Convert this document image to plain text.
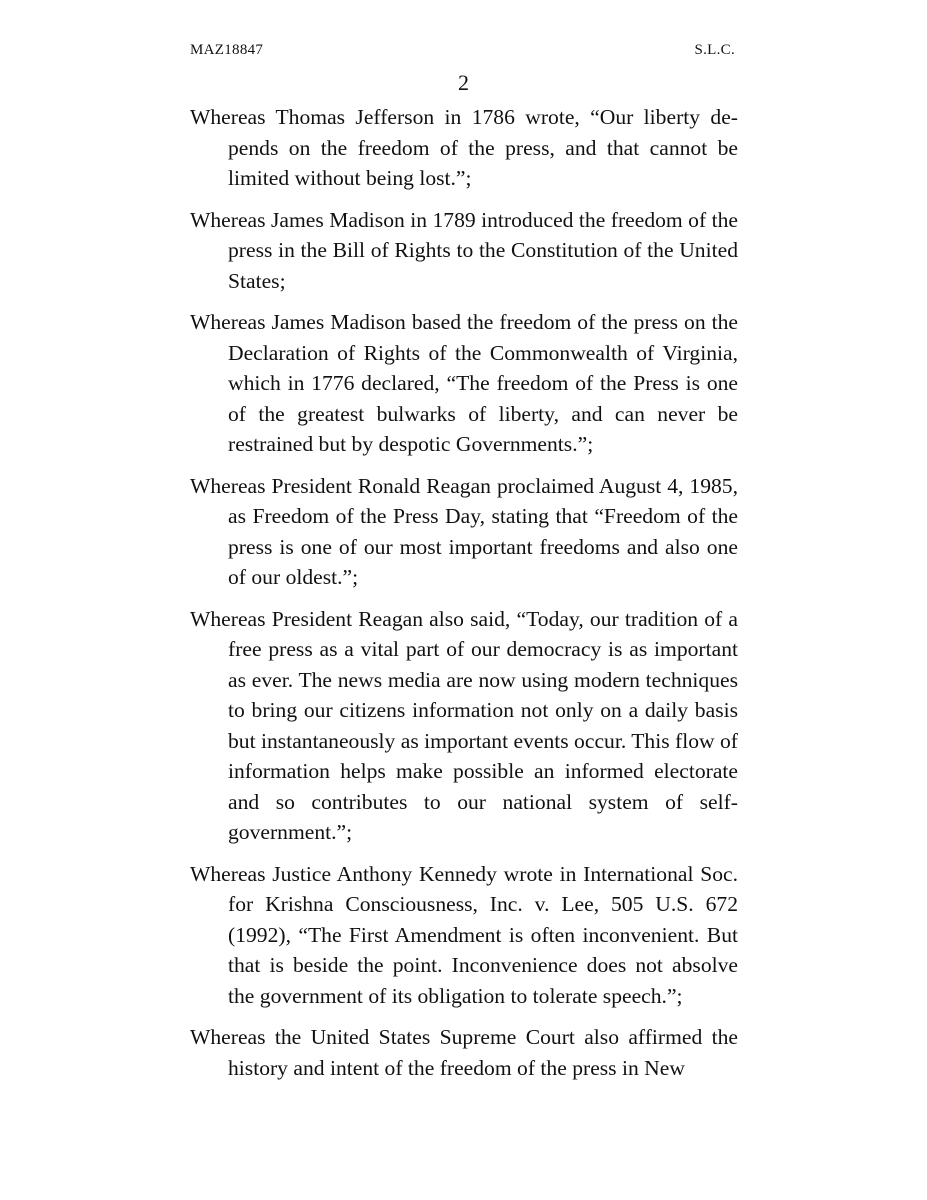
MAZ18847	S.L.C.
2

Whereas Thomas Jefferson in 1786 wrote, “Our liberty depends on the freedom of the press, and that cannot be limited without being lost.”;

Whereas James Madison in 1789 introduced the freedom of the press in the Bill of Rights to the Constitution of the United States;

Whereas James Madison based the freedom of the press on the Declaration of Rights of the Commonwealth of Virginia, which in 1776 declared, “The freedom of the Press is one of the greatest bulwarks of liberty, and can never be restrained but by despotic Governments.”;

Whereas President Ronald Reagan proclaimed August 4, 1985, as Freedom of the Press Day, stating that “Freedom of the press is one of our most important freedoms and also one of our oldest.”;

Whereas President Reagan also said, “Today, our tradition of a free press as a vital part of our democracy is as important as ever. The news media are now using modern techniques to bring our citizens information not only on a daily basis but instantaneously as important events occur. This flow of information helps make possible an informed electorate and so contributes to our national system of self-government.”;

Whereas Justice Anthony Kennedy wrote in International Soc. for Krishna Consciousness, Inc. v. Lee, 505 U.S. 672 (1992), “The First Amendment is often inconvenient. But that is beside the point. Inconvenience does not absolve the government of its obligation to tolerate speech.”;

Whereas the United States Supreme Court also affirmed the history and intent of the freedom of the press in New
